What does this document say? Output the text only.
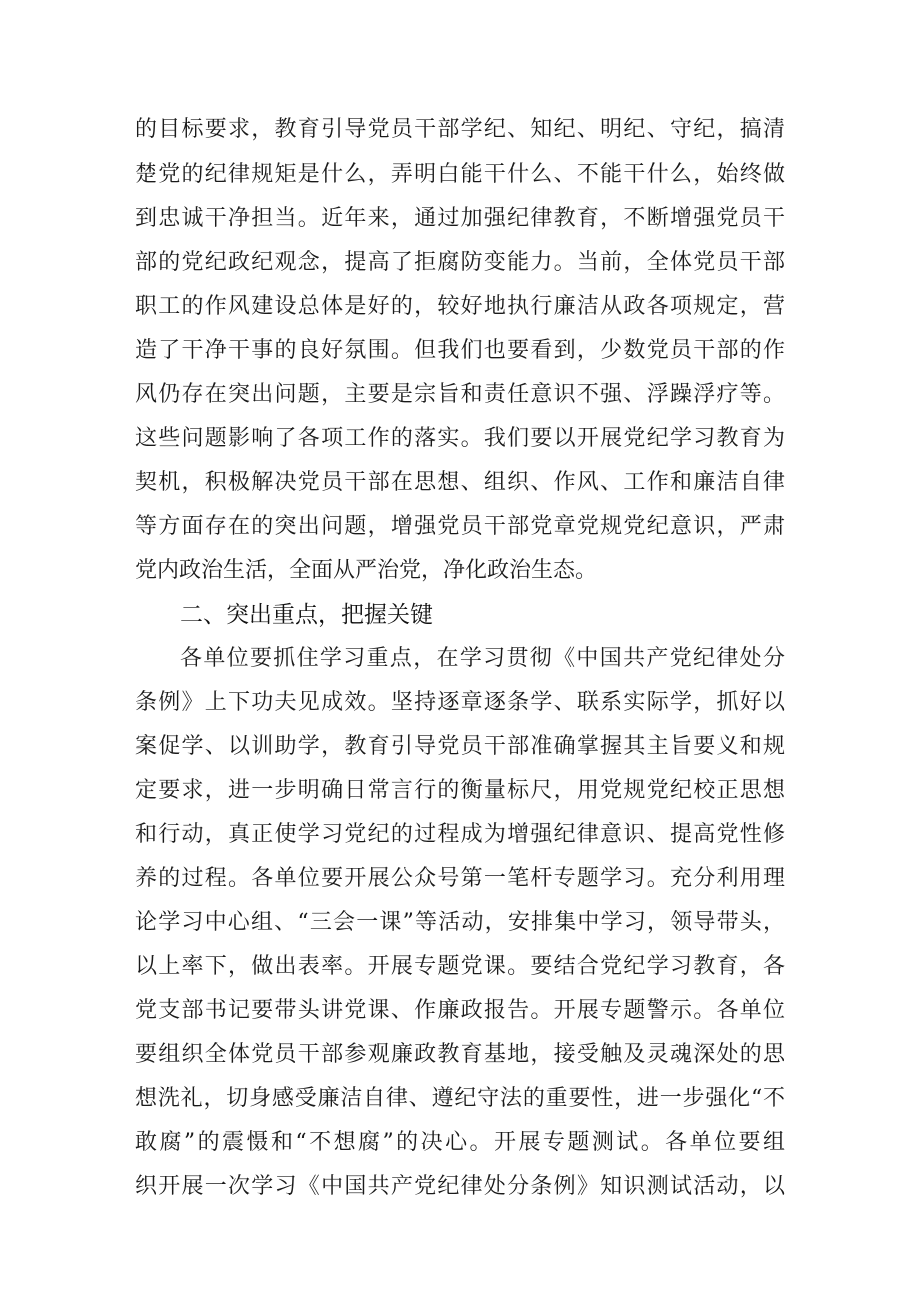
的目标要求，教育引导党员干部学纪、知纪、明纪、守纪，搞清
楚党的纪律规矩是什么，弄明白能干什么、不能干什么，始终做
到忠诚干净担当。近年来，通过加强纪律教育，不断增强党员干
部的党纪政纪观念，提高了拒腐防变能力。当前，全体党员干部
职工的作风建设总体是好的，较好地执行廉洁从政各项规定，营
造了干净干事的良好氛围。但我们也要看到，少数党员干部的作
风仍存在突出问题，主要是宗旨和责任意识不强、浮躁浮疗等。
这些问题影响了各项工作的落实。我们要以开展党纪学习教育为
契机，积极解决党员干部在思想、组织、作风、工作和廉洁自律
等方面存在的突出问题，增强党员干部党章党规党纪意识，严肃
党内政治生活，全面从严治党，净化政治生态。
二、突出重点，把握关键
各单位要抓住学习重点，在学习贯彻《中国共产党纪律处分
条例》上下功夫见成效。坚持逐章逐条学、联系实际学，抓好以
案促学、以训助学，教育引导党员干部准确掌握其主旨要义和规
定要求，进一步明确日常言行的衡量标尺，用党规党纪校正思想
和行动，真正使学习党纪的过程成为增强纪律意识、提高党性修
养的过程。各单位要开展公众号第一笔杆专题学习。充分利用理
论学习中心组、“三会一课”等活动，安排集中学习，领导带头，
以上率下，做出表率。开展专题党课。要结合党纪学习教育，各
党支部书记要带头讲党课、作廉政报告。开展专题警示。各单位
要组织全体党员干部参观廉政教育基地，接受触及灵魂深处的思
想洗礼，切身感受廉洁自律、遵纪守法的重要性，进一步强化“不
敢腐”的震慑和“不想腐”的决心。开展专题测试。各单位要组
织开展一次学习《中国共产党纪律处分条例》知识测试活动，以
